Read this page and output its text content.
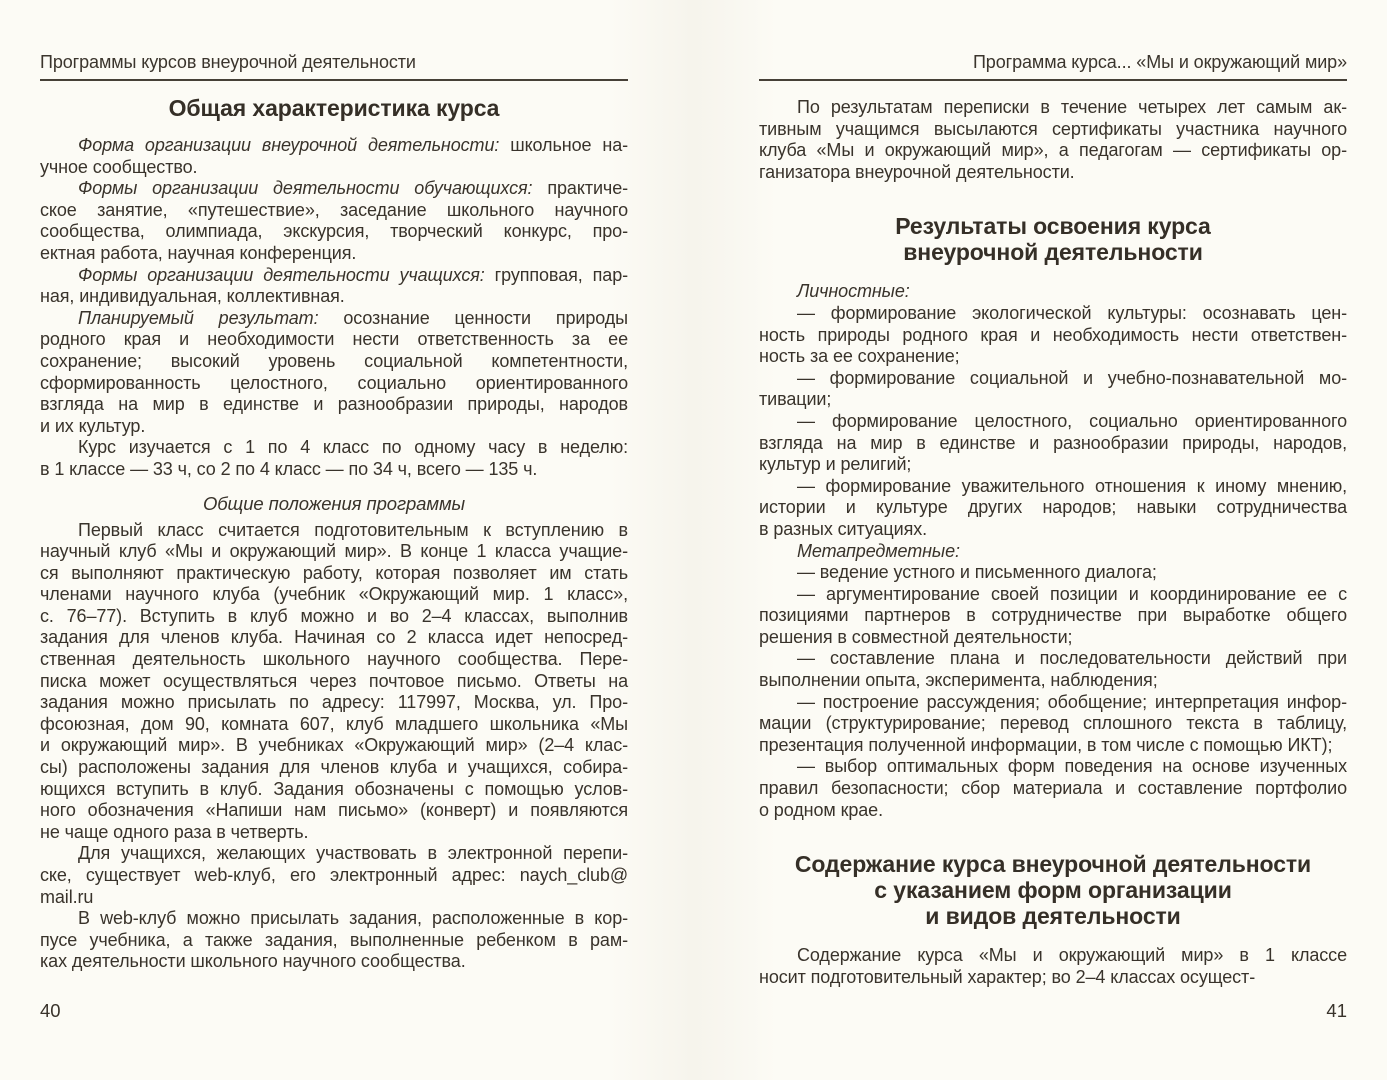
Программы курсов внеурочной деятельности
Общая характеристика курса
Форма организации внеурочной деятельности: школьное на-
учное сообщество.
Формы организации деятельности обучающихся: практиче-
ское занятие, «путешествие», заседание школьного научного
сообщества, олимпиада, экскурсия, творческий конкурс, про-
ектная работа, научная конференция.
Формы организации деятельности учащихся: групповая, пар-
ная, индивидуальная, коллективная.
Планируемый результат: осознание ценности природы
родного края и необходимости нести ответственность за ее
сохранение; высокий уровень социальной компетентности,
сформированность целостного, социально ориентированного
взгляда на мир в единстве и разнообразии природы, народов
и их культур.
Курс изучается с 1 по 4 класс по одному часу в неделю:
в 1 классе — 33 ч, со 2 по 4 класс — по 34 ч, всего — 135 ч.
Общие положения программы
Первый класс считается подготовительным к вступлению в
научный клуб «Мы и окружающий мир». В конце 1 класса учащие-
ся выполняют практическую работу, которая позволяет им стать
членами научного клуба (учебник «Окружающий мир. 1 класс»,
с. 76–77). Вступить в клуб можно и во 2–4 классах, выполнив
задания для членов клуба. Начиная со 2 класса идет непосред-
ственная деятельность школьного научного сообщества. Пере-
писка может осуществляться через почтовое письмо. Ответы на
задания можно присылать по адресу: 117997, Москва, ул. Про-
фсоюзная, дом 90, комната 607, клуб младшего школьника «Мы
и окружающий мир». В учебниках «Окружающий мир» (2–4 клас-
сы) расположены задания для членов клуба и учащихся, собира-
ющихся вступить в клуб. Задания обозначены с помощью услов-
ного обозначения «Напиши нам письмо» (конверт) и появляются
не чаще одного раза в четверть.
Для учащихся, желающих участвовать в электронной перепи-
ске, существует web-клуб, его электронный адрес: naych_club@
mail.ru
В web-клуб можно присылать задания, расположенные в кор-
пусе учебника, а также задания, выполненные ребенком в рам-
ках деятельности школьного научного сообщества.
40
Программа курса... «Мы и окружающий мир»
По результатам переписки в течение четырех лет самым ак-
тивным учащимся высылаются сертификаты участника научного
клуба «Мы и окружающий мир», а педагогам — сертификаты ор-
ганизатора внеурочной деятельности.
Результаты освоения курса
внеурочной деятельности
Личностные:
— формирование экологической культуры: осознавать цен-
ность природы родного края и необходимость нести ответствен-
ность за ее сохранение;
— формирование социальной и учебно-познавательной мо-
тивации;
— формирование целостного, социально ориентированного
взгляда на мир в единстве и разнообразии природы, народов,
культур и религий;
— формирование уважительного отношения к иному мнению,
истории и культуре других народов; навыки сотрудничества
в разных ситуациях.
Метапредметные:
— ведение устного и письменного диалога;
— аргументирование своей позиции и координирование ее с
позициями партнеров в сотрудничестве при выработке общего
решения в совместной деятельности;
— составление плана и последовательности действий при
выполнении опыта, эксперимента, наблюдения;
— построение рассуждения; обобщение; интерпретация инфор-
мации (структурирование; перевод сплошного текста в таблицу,
презентация полученной информации, в том числе с помощью ИКТ);
— выбор оптимальных форм поведения на основе изученных
правил безопасности; сбор материала и составление портфолио
о родном крае.
Содержание курса внеурочной деятельности
с указанием форм организации
и видов деятельности
Содержание курса «Мы и окружающий мир» в 1 классе
носит подготовительный характер; во 2–4 классах осущест-
41
